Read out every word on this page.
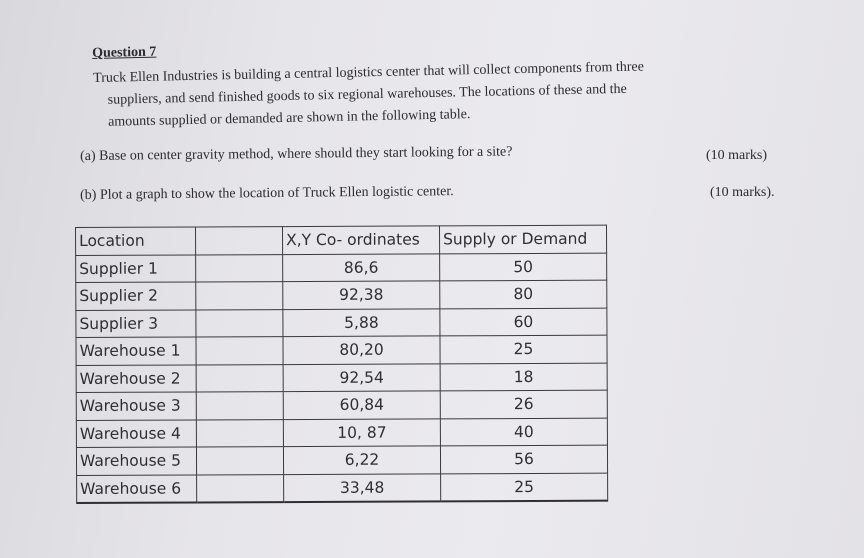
Question 7
Truck Ellen Industries is building a central logistics center that will collect components from three
suppliers, and send finished goods to six regional warehouses. The locations of these and the
amounts supplied or demanded are shown in the following table.
(a) Base on center gravity method, where should they start looking for a site?	(10 marks)
(b) Plot a graph to show the location of Truck Ellen logistic center.	(10 marks).
Location		X,Y Co- ordinates	Supply or Demand
Supplier 1		86,6	50
Supplier 2		92,38	80
Supplier 3		5,88	60
Warehouse 1		80,20	25
Warehouse 2		92,54	18
Warehouse 3		60,84	26
Warehouse 4		10, 87	40
Warehouse 5		6,22	56
Warehouse 6		33,48	25
